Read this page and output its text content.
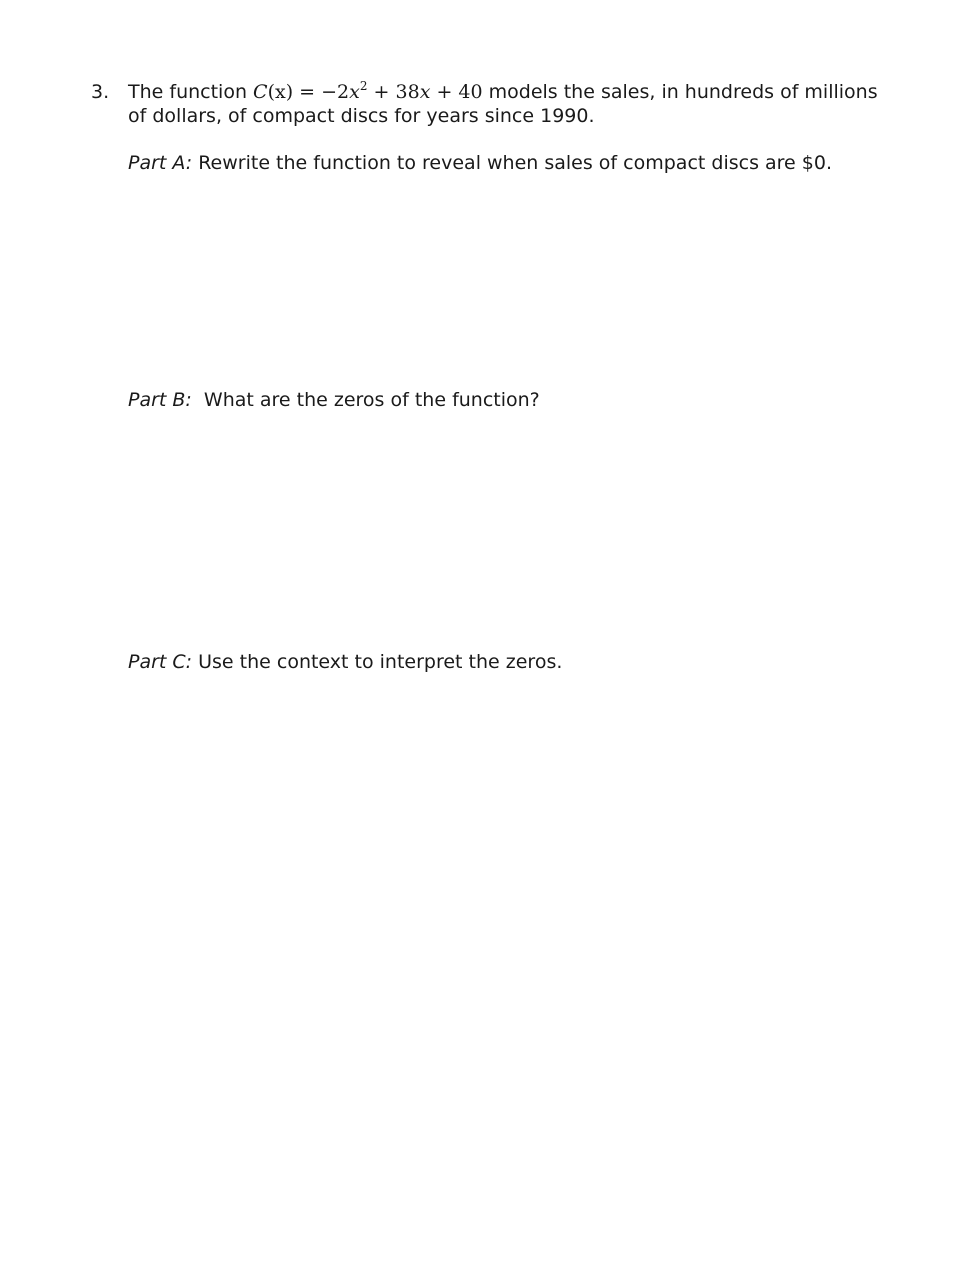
3. The function $C(x) = -2x^2 + 38x + 40$ models the sales, in hundreds of millions of dollars, of compact discs for years since 1990.

Part A: Rewrite the function to reveal when sales of compact discs are $0.

Part B:  What are the zeros of the function?

Part C: Use the context to interpret the zeros.
